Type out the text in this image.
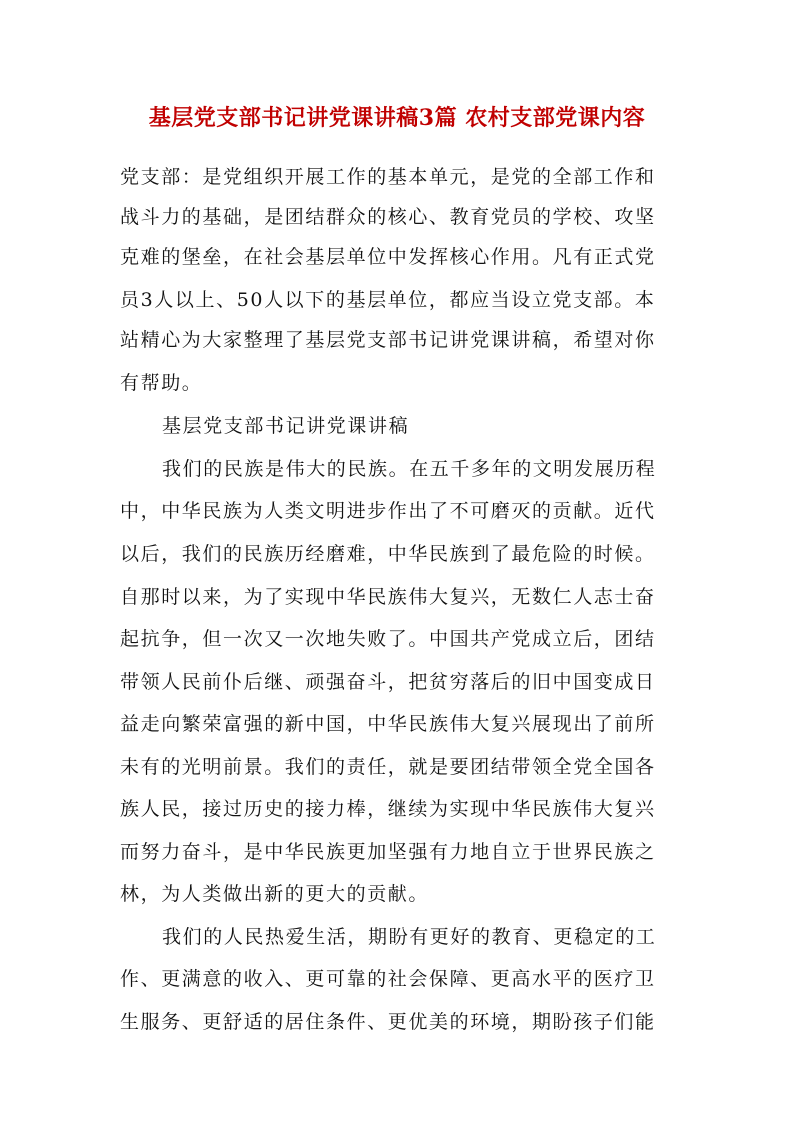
基层党支部书记讲党课讲稿3篇 农村支部党课内容
党支部：是党组织开展工作的基本单元，是党的全部工作和
战斗力的基础，是团结群众的核心、教育党员的学校、攻坚
克难的堡垒，在社会基层单位中发挥核心作用。凡有正式党
员3人以上、50人以下的基层单位，都应当设立党支部。本
站精心为大家整理了基层党支部书记讲党课讲稿，希望对你
有帮助。
基层党支部书记讲党课讲稿
我们的民族是伟大的民族。在五千多年的文明发展历程
中，中华民族为人类文明进步作出了不可磨灭的贡献。近代
以后，我们的民族历经磨难，中华民族到了最危险的时候。
自那时以来，为了实现中华民族伟大复兴，无数仁人志士奋
起抗争，但一次又一次地失败了。中国共产党成立后，团结
带领人民前仆后继、顽强奋斗，把贫穷落后的旧中国变成日
益走向繁荣富强的新中国，中华民族伟大复兴展现出了前所
未有的光明前景。我们的责任，就是要团结带领全党全国各
族人民，接过历史的接力棒，继续为实现中华民族伟大复兴
而努力奋斗，是中华民族更加坚强有力地自立于世界民族之
林，为人类做出新的更大的贡献。
我们的人民热爱生活，期盼有更好的教育、更稳定的工
作、更满意的收入、更可靠的社会保障、更高水平的医疗卫
生服务、更舒适的居住条件、更优美的环境，期盼孩子们能
